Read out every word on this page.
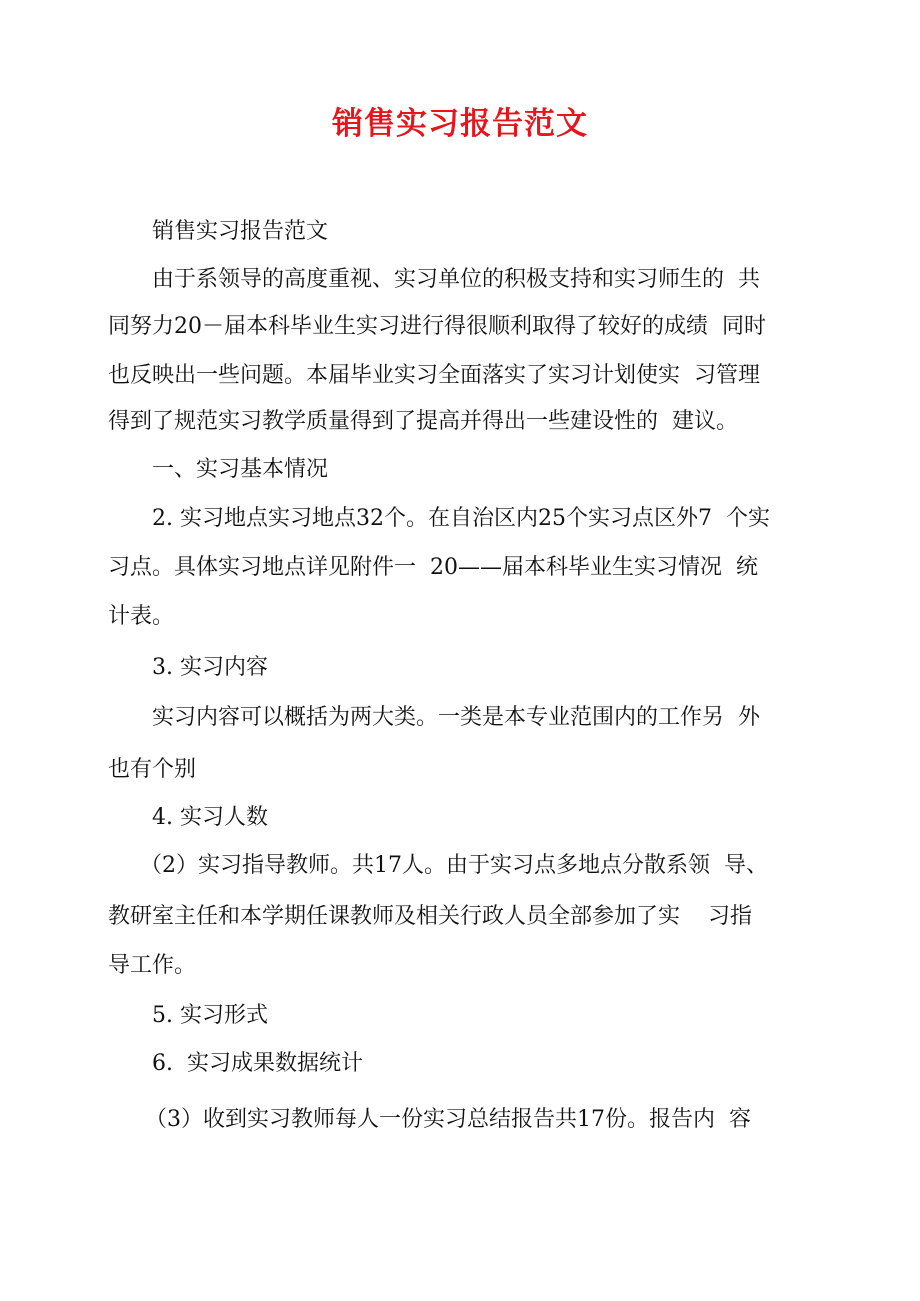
销售实习报告范文
销售实习报告范文
由于系领导的高度重视、实习单位的积极支持和实习师生的  共
同努力20－届本科毕业生实习进行得很顺利取得了较好的成绩  同时
也反映出一些问题。本届毕业实习全面落实了实习计划使实  习管理
得到了规范实习教学质量得到了提高并得出一些建设性的  建议。
一、实习基本情况
2. 实习地点实习地点32个。在自治区内25个实习点区外7  个实
习点。具体实习地点详见附件一  20——届本科毕业生实习情况  统
计表。
3. 实习内容
实习内容可以概括为两大类。一类是本专业范围内的工作另  外
也有个别
4. 实习人数
（2）实习指导教师。共17人。由于实习点多地点分散系领  导、
教研室主任和本学期任课教师及相关行政人员全部参加了实    习指
导工作。
5. 实习形式
6.  实习成果数据统计
（3）收到实习教师每人一份实习总结报告共17份。报告内  容
